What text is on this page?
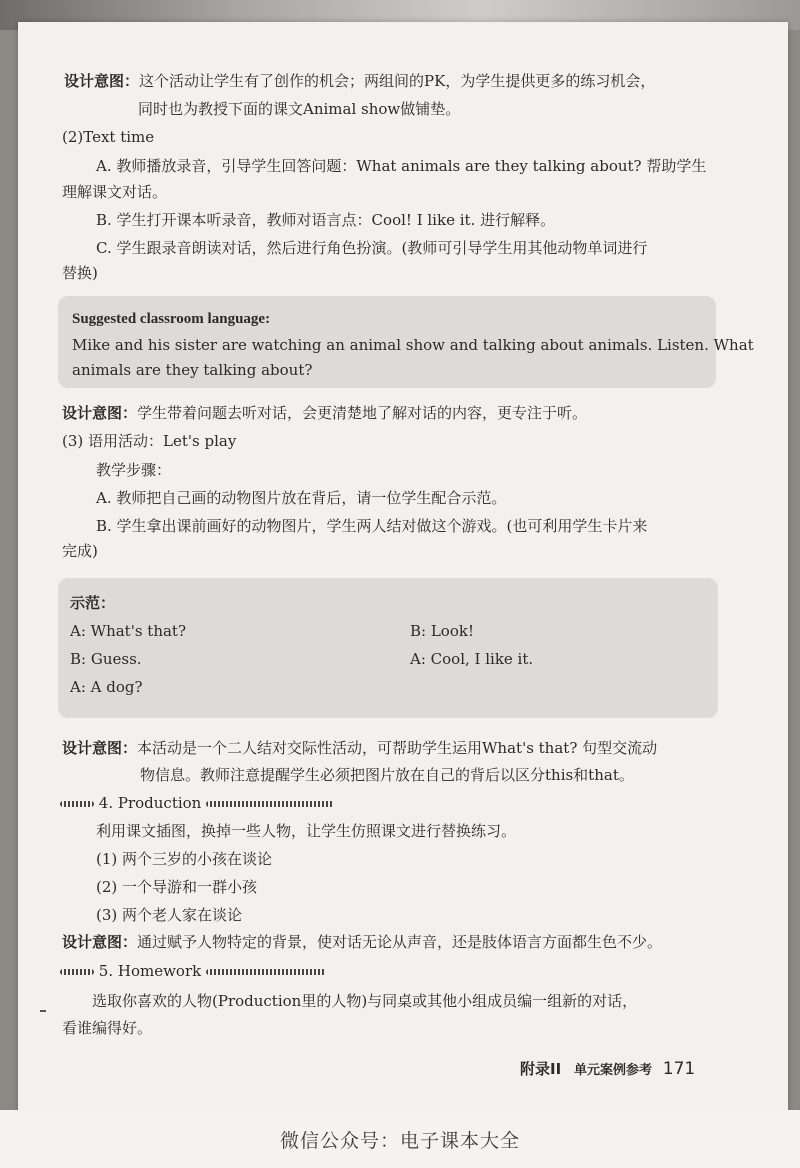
设计意图：这个活动让学生有了创作的机会；两组间的PK，为学生提供更多的练习机会，
同时也为教授下面的课文Animal show做铺垫。
(2)Text time
A. 教师播放录音，引导学生回答问题：What animals are they talking about? 帮助学生
理解课文对话。
B. 学生打开课本听录音，教师对语言点：Cool! I like it. 进行解释。
C. 学生跟录音朗读对话，然后进行角色扮演。(教师可引导学生用其他动物单词进行
替换)
Suggested classroom language:
Mike and his sister are watching an animal show and talking about animals. Listen. What
animals are they talking about?
设计意图：学生带着问题去听对话，会更清楚地了解对话的内容，更专注于听。
(3) 语用活动：Let's play
教学步骤：
A. 教师把自己画的动物图片放在背后，请一位学生配合示范。
B. 学生拿出课前画好的动物图片，学生两人结对做这个游戏。(也可利用学生卡片来
完成)
示范：
A: What's that?
B: Guess.
A: A dog?
B: Look!
A: Cool, I like it.
设计意图：本活动是一个二人结对交际性活动，可帮助学生运用What's that? 句型交流动
物信息。教师注意提醒学生必须把图片放在自己的背后以区分this和that。
4. Production
利用课文插图，换掉一些人物，让学生仿照课文进行替换练习。
(1) 两个三岁的小孩在谈论
(2) 一个导游和一群小孩
(3) 两个老人家在谈论
设计意图：通过赋予人物特定的背景，使对话无论从声音，还是肢体语言方面都生色不少。
5. Homework
选取你喜欢的人物(Production里的人物)与同桌或其他小组成员编一组新的对话，
看谁编得好。
附录II 单元案例参考 171
微信公众号：电子课本大全
